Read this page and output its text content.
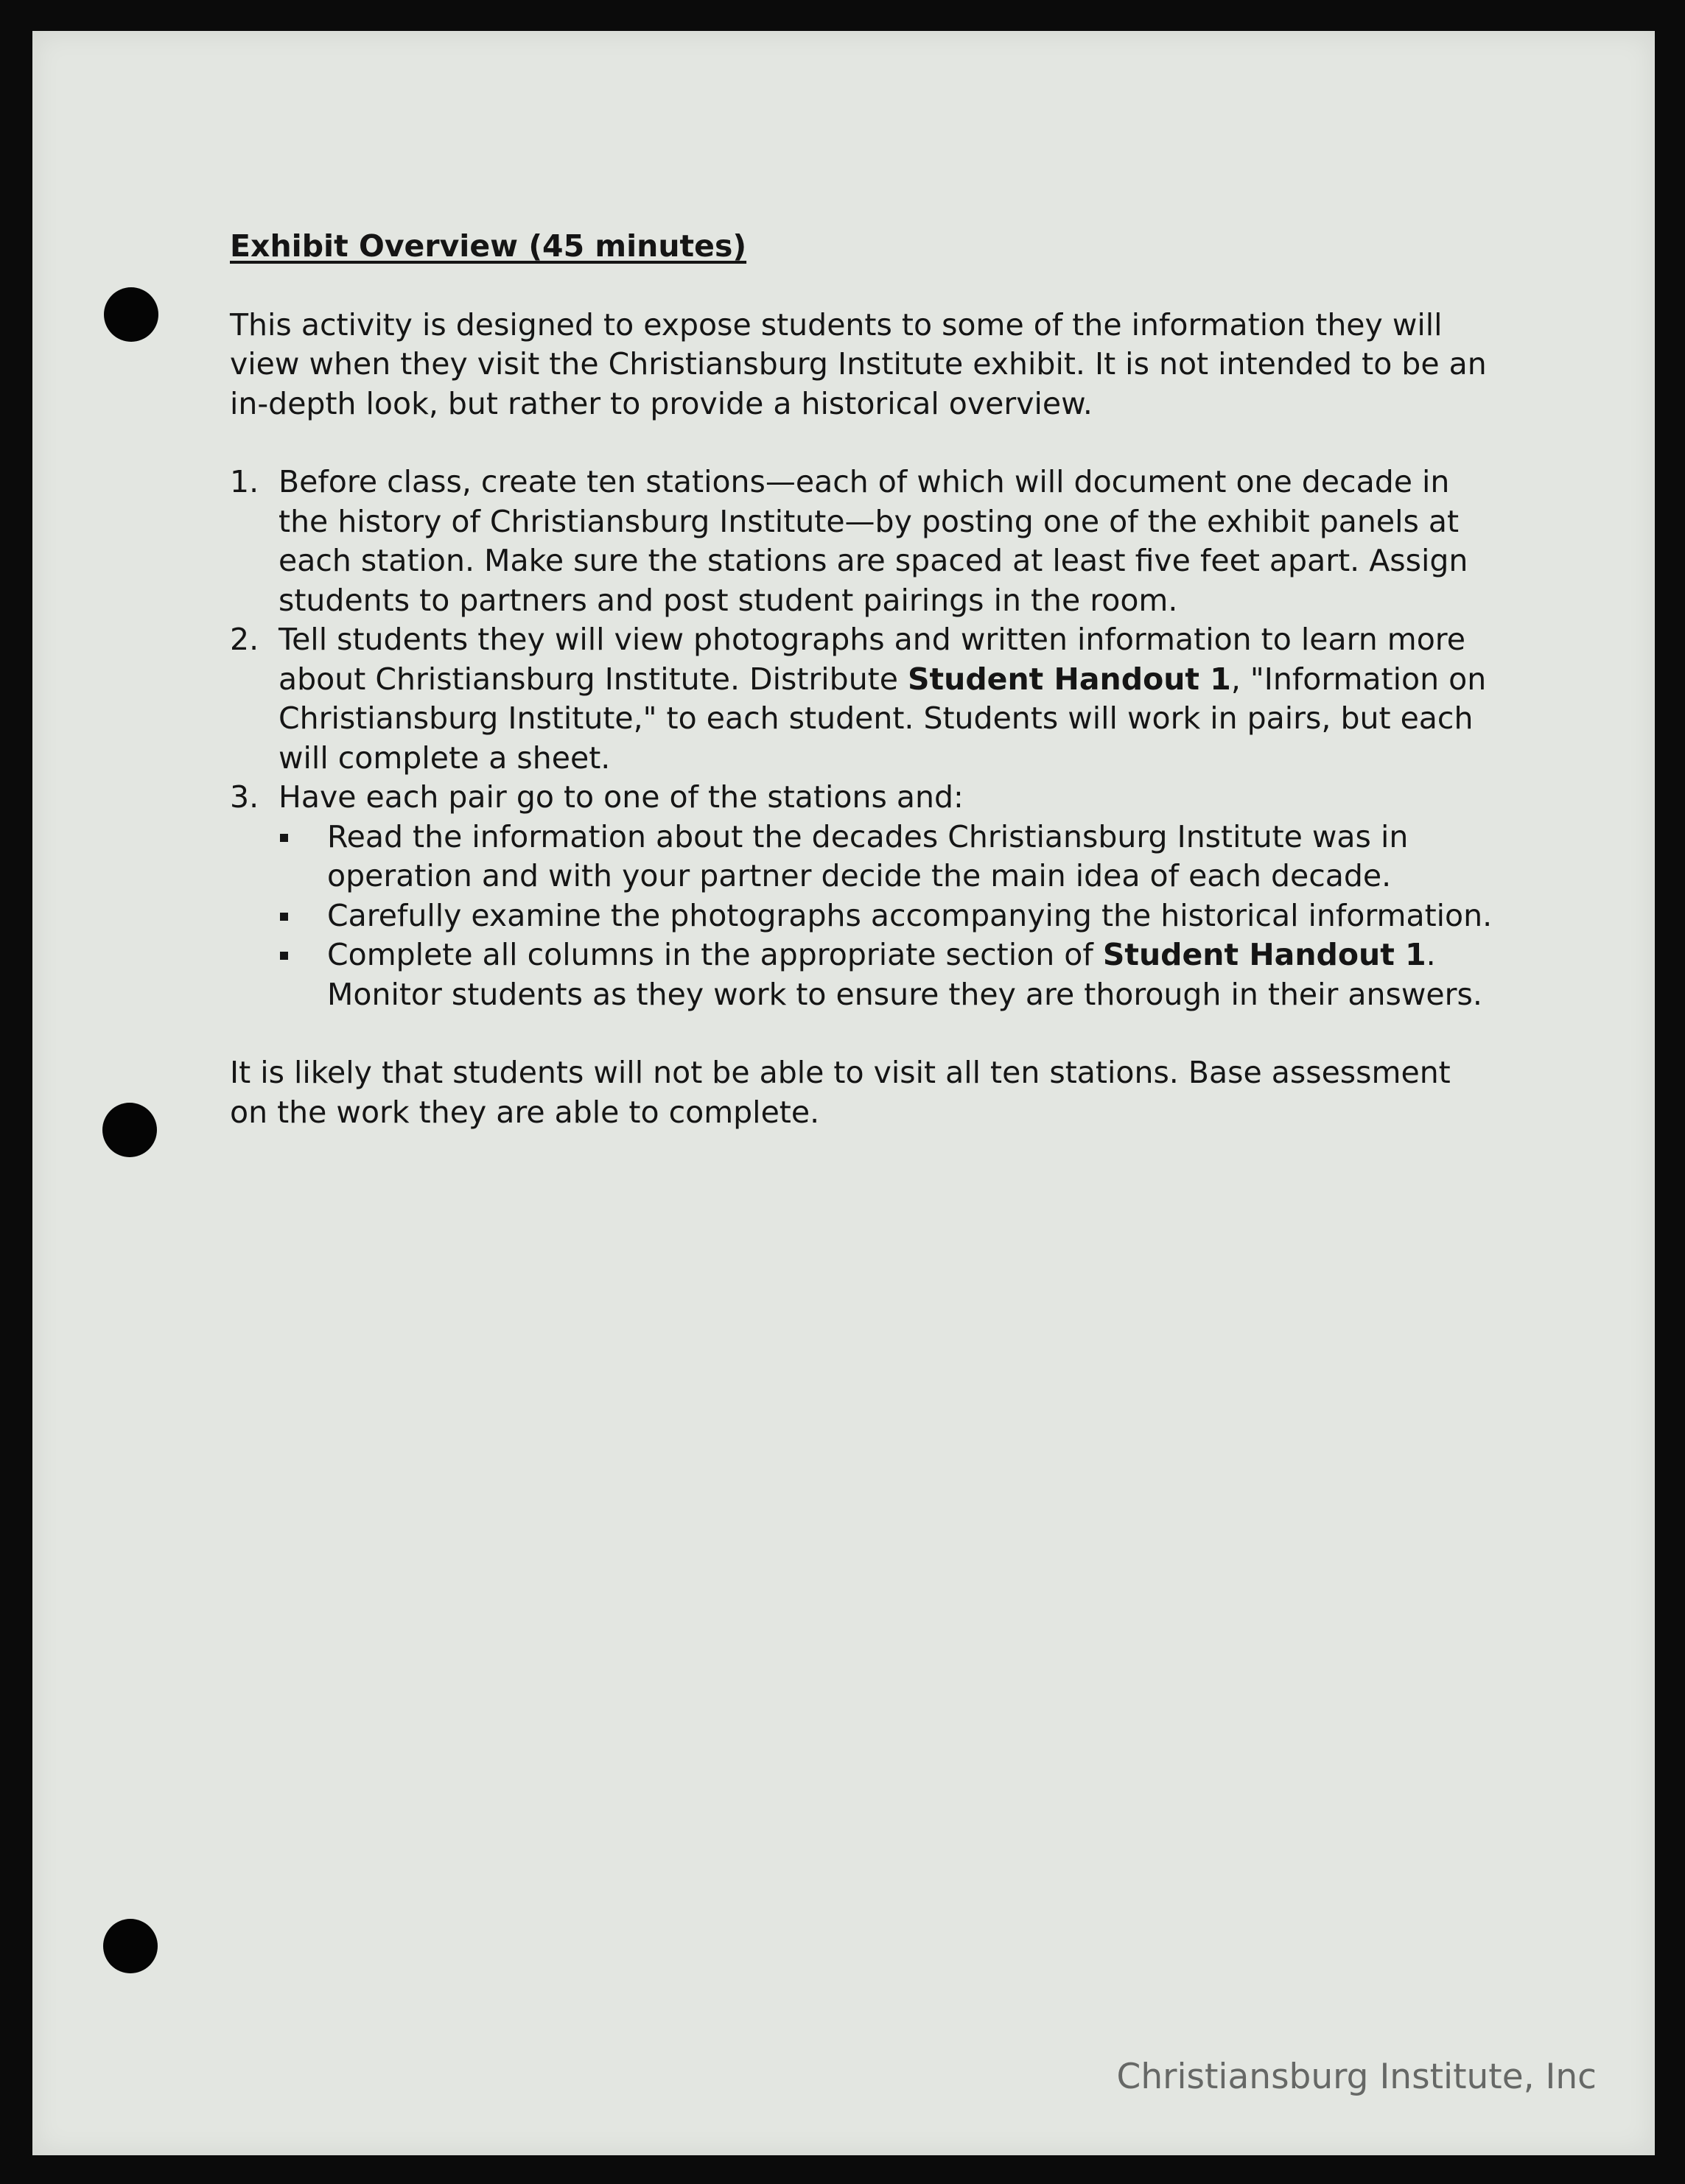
Exhibit Overview (45 minutes)

This activity is designed to expose students to some of the information they will view when they visit the Christiansburg Institute exhibit. It is not intended to be an in-depth look, but rather to provide a historical overview.

1. Before class, create ten stations—each of which will document one decade in the history of Christiansburg Institute—by posting one of the exhibit panels at each station. Make sure the stations are spaced at least five feet apart. Assign students to partners and post student pairings in the room.
2. Tell students they will view photographs and written information to learn more about Christiansburg Institute. Distribute Student Handout 1, "Information on Christiansburg Institute," to each student. Students will work in pairs, but each will complete a sheet.
3. Have each pair go to one of the stations and:
Read the information about the decades Christiansburg Institute was in operation and with your partner decide the main idea of each decade.
Carefully examine the photographs accompanying the historical information.
Complete all columns in the appropriate section of Student Handout 1. Monitor students as they work to ensure they are thorough in their answers.

It is likely that students will not be able to visit all ten stations. Base assessment on the work they are able to complete.

Christiansburg Institute, Inc
